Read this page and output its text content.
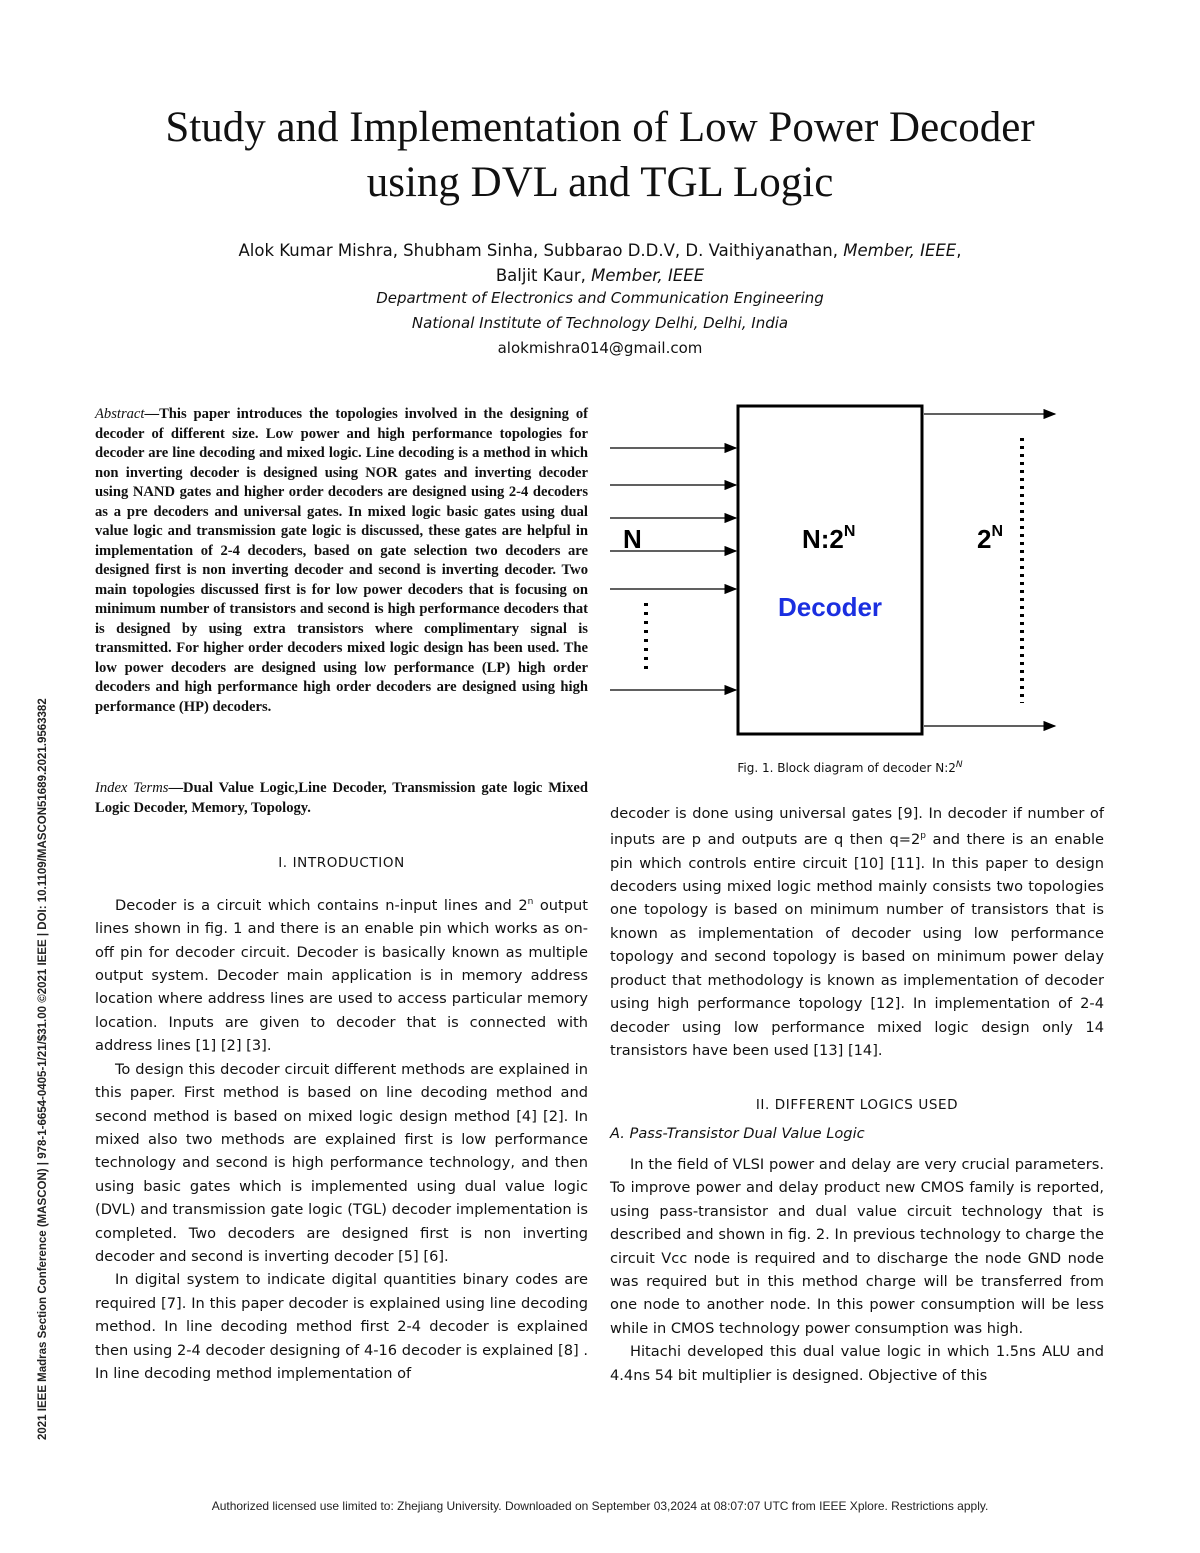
Study and Implementation of Low Power Decoder
using DVL and TGL Logic
Alok Kumar Mishra, Shubham Sinha, Subbarao D.D.V, D. Vaithiyanathan, Member, IEEE,
Baljit Kaur, Member, IEEE
Department of Electronics and Communication Engineering
National Institute of Technology Delhi, Delhi, India
alokmishra014@gmail.com
2021 IEEE Madras Section Conference (MASCON) | 978-1-6654-0405-1/21/$31.00 ©2021 IEEE | DOI: 10.1109/MASCON51689.2021.9563382

Abstract—This paper introduces the topologies involved in the designing of decoder of different size. Low power and high performance topologies for decoder are line decoding and mixed logic. Line decoding is a method in which non inverting decoder is designed using NOR gates and inverting decoder using NAND gates and higher order decoders are designed using 2-4 decoders as a pre decoders and universal gates. In mixed logic basic gates using dual value logic and transmission gate logic is discussed, these gates are helpful in implementation of 2-4 decoders, based on gate selection two decoders are designed first is non inverting decoder and second is inverting decoder. Two main topologies discussed first is for low power decoders that is focusing on minimum number of transistors and second is high performance decoders that is designed by using extra transistors where complimentary signal is transmitted. For higher order decoders mixed logic design has been used. The low power decoders are designed using low performance (LP) high order decoders and high performance high order decoders are designed using high performance (HP) decoders.

Index Terms—Dual Value Logic,Line Decoder, Transmission gate logic Mixed Logic Decoder, Memory, Topology.

I. INTRODUCTION

Decoder is a circuit which contains n-input lines and 2$^n$ output lines shown in fig. 1 and there is an enable pin which works as on-off pin for decoder circuit. Decoder is basically known as multiple output system. Decoder main application is in memory address location where address lines are used to access particular memory location. Inputs are given to decoder that is connected with address lines [1] [2] [3].

To design this decoder circuit different methods are explained in this paper. First method is based on line decoding method and second method is based on mixed logic design method [4] [2]. In mixed also two methods are explained first is low performance technology and second is high performance technology, and then using basic gates which is implemented using dual value logic (DVL) and transmission gate logic (TGL) decoder implementation is completed. Two decoders are designed first is non inverting decoder and second is inverting decoder [5] [6].

In digital system to indicate digital quantities binary codes are required [7]. In this paper decoder is explained using line decoding method. In line decoding method first 2-4 decoder is explained then using 2-4 decoder designing of 4-16 decoder is explained [8] . In line decoding method implementation of

N	$N:2^N$
Decoder
$2^N$
Fig. 1. Block diagram of decoder $N:2^N$

decoder is done using universal gates [9]. In decoder if number of inputs are p and outputs are q then $q=2^p$ and there is an enable pin which controls entire circuit [10] [11]. In this paper to design decoders using mixed logic method mainly consists two topologies one topology is based on minimum number of transistors that is known as implementation of decoder using low performance topology and second topology is based on minimum power delay product that methodology is known as implementation of decoder using high performance topology [12]. In implementation of 2-4 decoder using low performance mixed logic design only 14 transistors have been used [13] [14].

II. DIFFERENT LOGICS USED
A. Pass-Transistor Dual Value Logic

In the field of VLSI power and delay are very crucial parameters. To improve power and delay product new CMOS family is reported, using pass-transistor and dual value circuit technology that is described and shown in fig. 2. In previous technology to charge the circuit Vcc node is required and to discharge the node GND node was required but in this method charge will be transferred from one node to another node. In this power consumption will be less while in CMOS technology power consumption was high.

Hitachi developed this dual value logic in which 1.5ns ALU and 4.4ns 54 bit multiplier is designed. Objective of this

Authorized licensed use limited to: Zhejiang University. Downloaded on September 03,2024 at 08:07:07 UTC from IEEE Xplore. Restrictions apply.
